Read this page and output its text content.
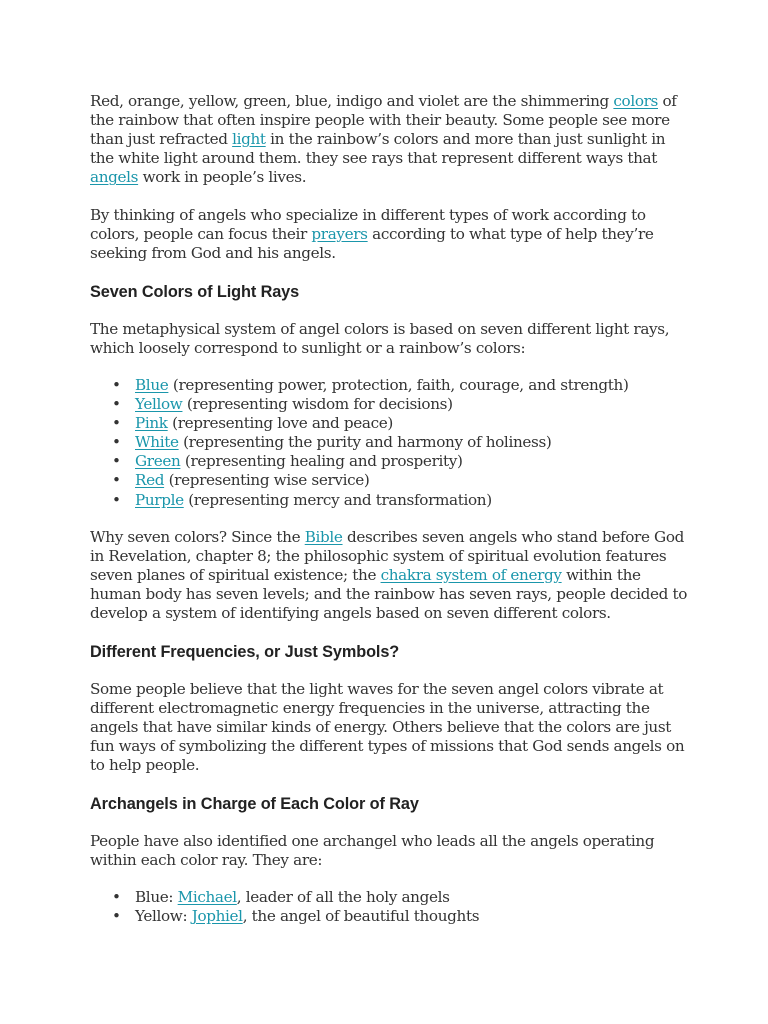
Red, orange, yellow, green, blue, indigo and violet are the shimmering colors of the rainbow that often inspire people with their beauty. Some people see more than just refracted light in the rainbow’s colors and more than just sunlight in the white light around them. they see rays that represent different ways that angels work in people’s lives.

By thinking of angels who specialize in different types of work according to colors, people can focus their prayers according to what type of help they’re seeking from God and his angels.

Seven Colors of Light Rays

The metaphysical system of angel colors is based on seven different light rays, which loosely correspond to sunlight or a rainbow’s colors:

• Blue (representing power, protection, faith, courage, and strength)
• Yellow (representing wisdom for decisions)
• Pink (representing love and peace)
• White (representing the purity and harmony of holiness)
• Green (representing healing and prosperity)
• Red (representing wise service)
• Purple (representing mercy and transformation)

Why seven colors? Since the Bible describes seven angels who stand before God in Revelation, chapter 8; the philosophic system of spiritual evolution features seven planes of spiritual existence; the chakra system of energy within the human body has seven levels; and the rainbow has seven rays, people decided to develop a system of identifying angels based on seven different colors.

Different Frequencies, or Just Symbols?

Some people believe that the light waves for the seven angel colors vibrate at different electromagnetic energy frequencies in the universe, attracting the angels that have similar kinds of energy. Others believe that the colors are just fun ways of symbolizing the different types of missions that God sends angels on to help people.

Archangels in Charge of Each Color of Ray

People have also identified one archangel who leads all the angels operating within each color ray. They are:

• Blue: Michael, leader of all the holy angels
• Yellow: Jophiel, the angel of beautiful thoughts
